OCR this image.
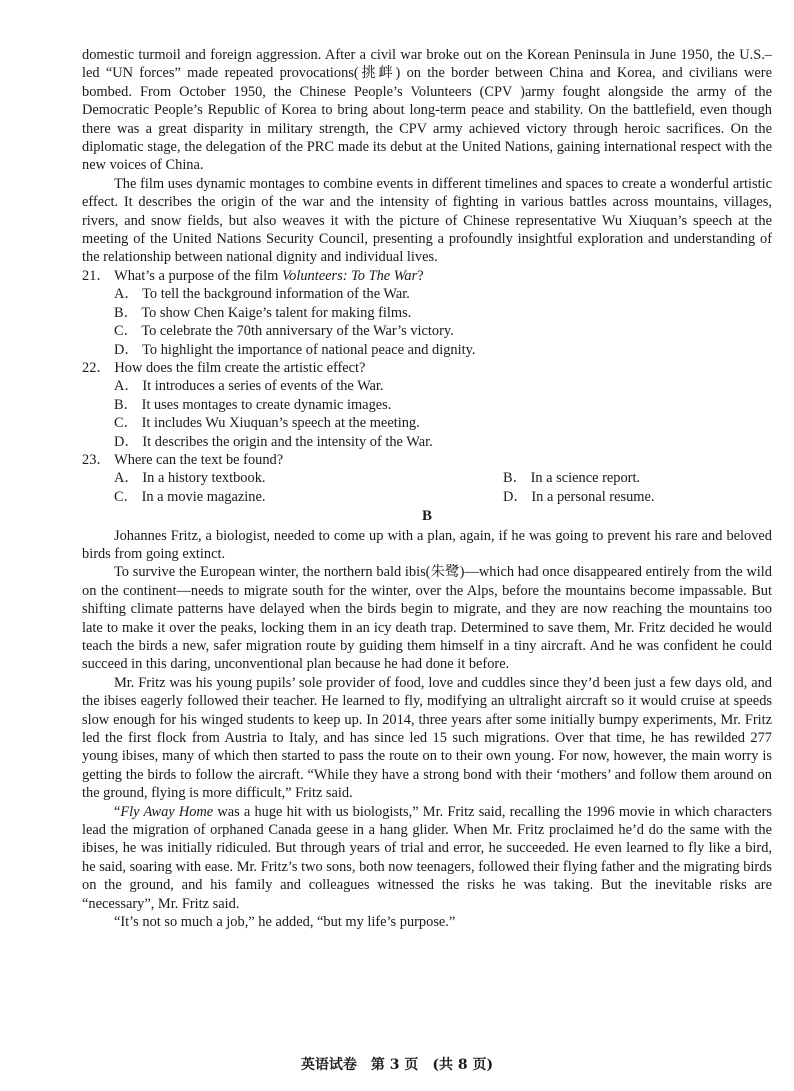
domestic turmoil and foreign aggression. After a civil war broke out on the Korean Peninsula in June 1950, the U.S.– led “UN forces” made repeated provocations(挑衅) on the border between China and Korea, and civilians were bombed. From October 1950, the Chinese People’s Volunteers (CPV )army fought alongside the army of the Democratic People’s Republic of Korea to bring about long-term peace and stability. On the battlefield, even though there was a great disparity in military strength, the CPV army achieved victory through heroic sacrifices. On the diplomatic stage, the delegation of the PRC made its debut at the United Nations, gaining international respect with the new voices of China.

The film uses dynamic montages to combine events in different timelines and spaces to create a wonderful artistic effect. It describes the origin of the war and the intensity of fighting in various battles across mountains, villages, rivers, and snow fields, but also weaves it with the picture of Chinese representative Wu Xiuquan’s speech at the meeting of the United Nations Security Council, presenting a profoundly insightful exploration and understanding of the relationship between national dignity and individual lives.

21． What’s a purpose of the film Volunteers: To The War?

A． To tell the background information of the War.

B． To show Chen Kaige’s talent for making films.

C． To celebrate the 70th anniversary of the War’s victory.

D． To highlight the importance of national peace and dignity.

22． How does the film create the artistic effect?

A． It introduces a series of events of the War.

B． It uses montages to create dynamic images.

C． It includes Wu Xiuquan’s speech at the meeting.

D． It describes the origin and the intensity of the War.

23． Where can the text be found?

A． In a history textbook.	B． In a science report.

C． In a movie magazine.	D． In a personal resume.

B

Johannes Fritz, a biologist, needed to come up with a plan, again, if he was going to prevent his rare and beloved birds from going extinct.

To survive the European winter, the northern bald ibis(朱鹭)—which had once disappeared entirely from the wild on the continent—needs to migrate south for the winter, over the Alps, before the mountains become impassable. But shifting climate patterns have delayed when the birds begin to migrate, and they are now reaching the mountains too late to make it over the peaks, locking them in an icy death trap. Determined to save them, Mr. Fritz decided he would teach the birds a new, safer migration route by guiding them himself in a tiny aircraft. And he was confident he could succeed in this daring, unconventional plan because he had done it before.

Mr. Fritz was his young pupils’ sole provider of food, love and cuddles since they’d been just a few days old, and the ibises eagerly followed their teacher. He learned to fly, modifying an ultralight aircraft so it would cruise at speeds slow enough for his winged students to keep up. In 2014, three years after some initially bumpy experiments, Mr. Fritz led the first flock from Austria to Italy, and has since led 15 such migrations. Over that time, he has rewilded 277 young ibises, many of which then started to pass the route on to their own young. For now, however, the main worry is getting the birds to follow the aircraft. “While they have a strong bond with their ‘mothers’ and follow them around on the ground, flying is more difficult,” Fritz said.

“Fly Away Home was a huge hit with us biologists,” Mr. Fritz said, recalling the 1996 movie in which characters lead the migration of orphaned Canada geese in a hang glider. When Mr. Fritz proclaimed he’d do the same with the ibises, he was initially ridiculed. But through years of trial and error, he succeeded. He even learned to fly like a bird, he said, soaring with ease. Mr. Fritz’s two sons, both now teenagers, followed their flying father and the migrating birds on the ground, and his family and colleagues witnessed the risks he was taking. But the inevitable risks are “necessary”, Mr. Fritz said.

“It’s not so much a job,” he added, “but my life’s purpose.”

英语试卷　第 3 页　(共 8 页)
